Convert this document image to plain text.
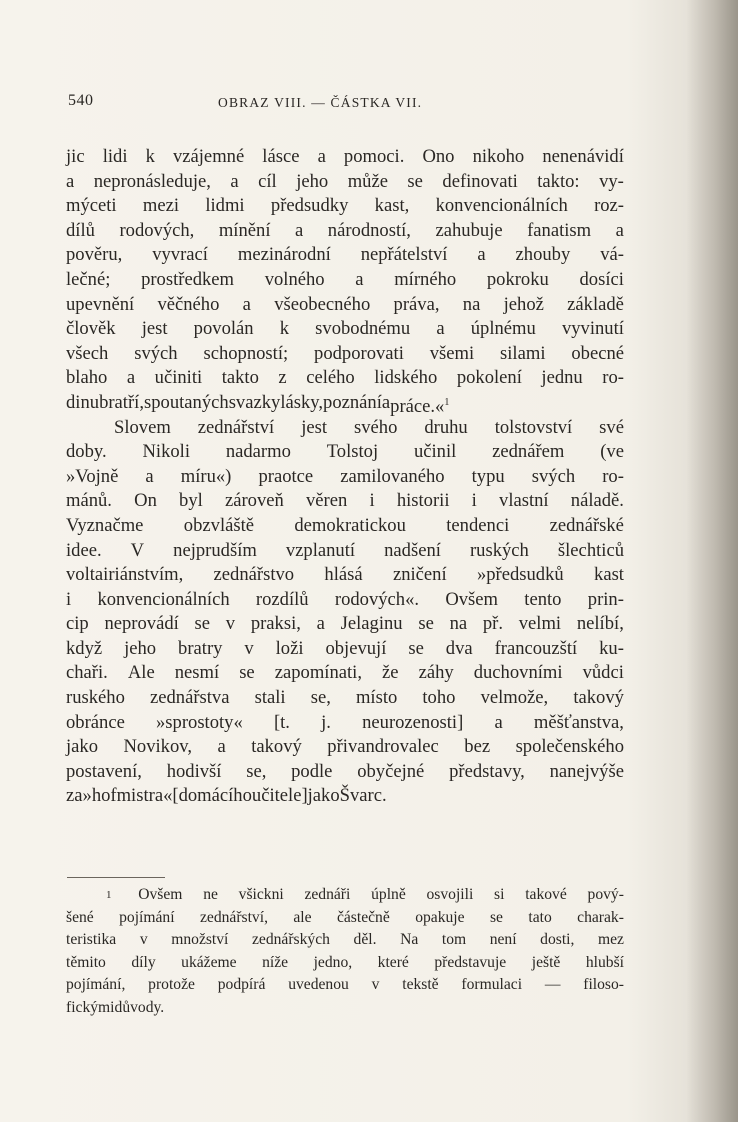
540	OBRAZ VIII. — ČÁSTKA VII.
jic lidi k vzájemné lásce a pomoci. Ono nikoho nenenávidí
a nepronásleduje, a cíl jeho může se definovati takto: vy-
mýceti mezi lidmi předsudky kast, konvencionálních roz-
dílů rodových, mínění a národností, zahubuje fanatism a
pověru, vyvrací mezinárodní nepřátelství a zhouby vá-
lečné; prostředkem volného a mírného pokroku dosíci
upevnění věčného a všeobecného práva, na jehož základě
člověk jest povolán k svobodnému a úplnému vyvinutí
všech svých schopností; podporovati všemi silami obecné
blaho a učiniti takto z celého lidského pokolení jednu ro-
dinu bratří, spoutaných svazky lásky, poznání a práce.«$^1$
Slovem zednářství jest svého druhu tolstovství své
doby. Nikoli nadarmo Tolstoj učinil zednářem (ve
»Vojně a míru«) praotce zamilovaného typu svých ro-
mánů. On byl zároveň věren i historii i vlastní náladě.
Vyznačme obzvláště demokratickou tendenci zednářské
idee. V nejprudším vzplanutí nadšení ruských šlechticů
voltairiánstvím, zednářstvo hlásá zničení »předsudků kast
i konvencionálních rozdílů rodových«. Ovšem tento prin-
cip neprovádí se v praksi, a Jelaginu se na př. velmi nelíbí,
když jeho bratry v loži objevují se dva francouzští ku-
chaři. Ale nesmí se zapomínati, že záhy duchovními vůdci
ruského zednářstva stali se, místo toho velmože, takový
obránce »sprostoty« [t. j. neurozenosti] a měšťanstva,
jako Novikov, a takový přivandrovalec bez společenského
postavení, hodivší se, podle obyčejné představy, nanejvýše
za »hofmistra« [domácího učitele] jako Švarc.
1 Ovšem ne všickni zednáři úplně osvojili si takové pový-
šené pojímání zednářství, ale částečně opakuje se tato charak-
teristika v množství zednářských děl. Na tom není dosti, mez
těmito díly ukážeme níže jedno, které představuje ještě hlubší
pojímání, protože podpírá uvedenou v tekstě formulaci — filoso-
fickými důvody.
